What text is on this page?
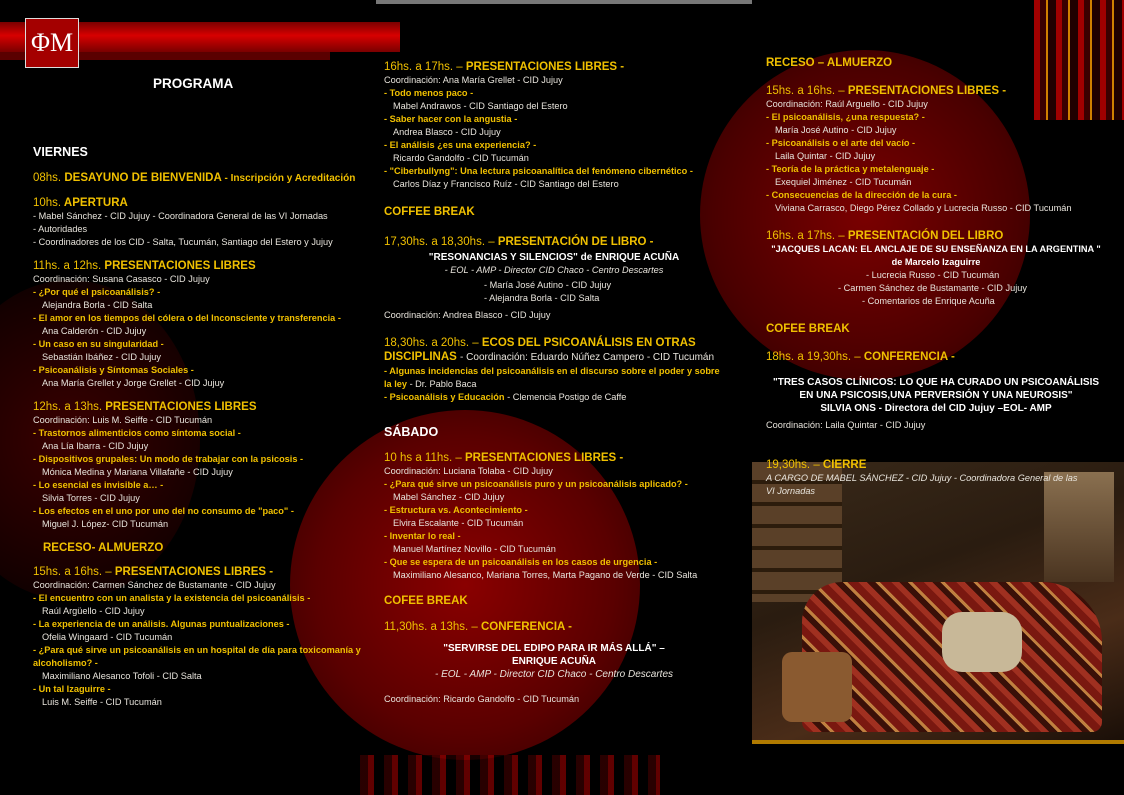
ΦM
PROGRAMA
VIERNES
08hs. DESAYUNO DE BIENVENIDA - Inscripción y Acreditación
10hs. APERTURA
- Mabel Sánchez - CID Jujuy - Coordinadora General de las VI Jornadas
- Autoridades
- Coordinadores de los CID - Salta, Tucumán, Santiago del Estero y Jujuy
11hs. a 12hs. PRESENTACIONES LIBRES
Coordinación: Susana Casasco - CID Jujuy
- ¿Por qué el psicoanálisis? -
Alejandra Borla - CID Salta
- El amor en los tiempos del cólera o del Inconsciente y transferencia -
Ana Calderón - CID Jujuy
- Un caso en su singularidad -
Sebastián Ibáñez - CID Jujuy
- Psicoanálisis y Síntomas Sociales -
Ana María Grellet y Jorge Grellet - CID Jujuy
12hs. a 13hs. PRESENTACIONES LIBRES
Coordinación: Luis M. Seiffe - CID Tucumán
- Trastornos alimenticios como síntoma social -
Ana Lía Ibarra - CID Jujuy
- Dispositivos grupales: Un modo de trabajar con la psicosis -
Mónica Medina y Mariana Villafañe - CID Jujuy
- Lo esencial es invisible a… -
Silvia Torres - CID Jujuy
- Los efectos en el uno por uno del no consumo de "paco" -
Miguel J. López- CID Tucumán
RECESO- ALMUERZO
15hs. a 16hs. – PRESENTACIONES LIBRES -
Coordinación: Carmen Sánchez de Bustamante - CID Jujuy
- El encuentro con un analista y la existencia del psicoanálisis -
Raúl Argüello - CID Jujuy
- La experiencia de un análisis. Algunas puntualizaciones -
Ofelia Wingaard - CID Tucumán
- ¿Para qué sirve un psicoanálisis en un hospital de día para toxicomanía y alcoholismo? -
Maximiliano Alesanco Tofoli - CID Salta
- Un tal Izaguirre -
Luis M. Seiffe - CID Tucumán
16hs. a 17hs. – PRESENTACIONES LIBRES -
Coordinación: Ana María Grellet - CID Jujuy
- Todo menos paco -
Mabel Andrawos - CID Santiago del Estero
- Saber hacer con la angustia -
Andrea Blasco - CID Jujuy
- El análisis ¿es una experiencia? -
Ricardo Gandolfo - CID Tucumán
- "Ciberbullyng": Una lectura psicoanalítica del fenómeno cibernético -
Carlos Díaz y Francisco Ruíz - CID Santiago del Estero
COFFEE BREAK
17,30hs. a 18,30hs. – PRESENTACIÓN DE LIBRO -
"RESONANCIAS Y SILENCIOS" de ENRIQUE ACUÑA
- EOL - AMP - Director CID Chaco - Centro Descartes
- María José Autino - CID Jujuy
- Alejandra Borla - CID Salta
Coordinación: Andrea Blasco - CID Jujuy
18,30hs. a 20hs. – ECOS DEL PSICOANÁLISIS EN OTRAS DISCIPLINAS - Coordinación: Eduardo Núñez Campero - CID Tucumán
- Algunas incidencias del psicoanálisis en el discurso sobre el poder y sobre la ley - Dr. Pablo Baca
- Psicoanálisis y Educación - Clemencia Postigo de Caffe
SÁBADO
10 hs a 11hs. – PRESENTACIONES LIBRES -
Coordinación: Luciana Tolaba - CID Jujuy
- ¿Para qué sirve un psicoanálisis puro y un psicoanálisis aplicado? -
Mabel Sánchez - CID Jujuy
- Estructura vs. Acontecimiento -
Elvira Escalante - CID Tucumán
- Inventar lo real -
Manuel Martínez Novillo - CID Tucumán
- Que se espera de un psicoanálisis en los casos de urgencia -
Maximiliano Alesanco, Mariana Torres, Marta Pagano de Verde - CID Salta
COFEE BREAK
11,30hs. a 13hs. – CONFERENCIA -
"SERVIRSE DEL EDIPO PARA IR MÁS ALLÁ" –
ENRIQUE ACUÑA
- EOL - AMP - Director CID Chaco - Centro Descartes
Coordinación: Ricardo Gandolfo - CID Tucumán
RECESO – ALMUERZO
15hs. a 16hs. – PRESENTACIONES LIBRES -
Coordinación: Raúl Arguello - CID Jujuy
- El psicoanálisis, ¿una respuesta? -
María José Autino - CID Jujuy
- Psicoanálisis o el arte del vacío -
Laila Quintar - CID Jujuy
- Teoría de la práctica y metalenguaje -
Exequiel Jiménez - CID Tucumán
- Consecuencias de la dirección de la cura -
Viviana Carrasco, Diego Pérez Collado y Lucrecia Russo - CID Tucumán
16hs. a 17hs. – PRESENTACIÓN DEL LIBRO
"JACQUES LACAN: EL ANCLAJE DE SU ENSEÑANZA EN LA ARGENTINA "
de Marcelo Izaguirre
- Lucrecia Russo - CID Tucumán
- Carmen Sánchez de Bustamante - CID Jujuy
- Comentarios de Enrique Acuña
COFEE BREAK
18hs. a 19,30hs. – CONFERENCIA -
"TRES CASOS CLÍNICOS: LO QUE HA CURADO UN PSICOANÁLISIS
EN UNA PSICOSIS,UNA PERVERSIÓN Y UNA NEUROSIS"
SILVIA ONS - Directora del CID Jujuy –EOL- AMP
Coordinación: Laila Quintar - CID Jujuy
19,30hs. – CIERRE
A CARGO DE MABEL SÁNCHEZ - CID Jujuy - Coordinadora General de las VI Jornadas
